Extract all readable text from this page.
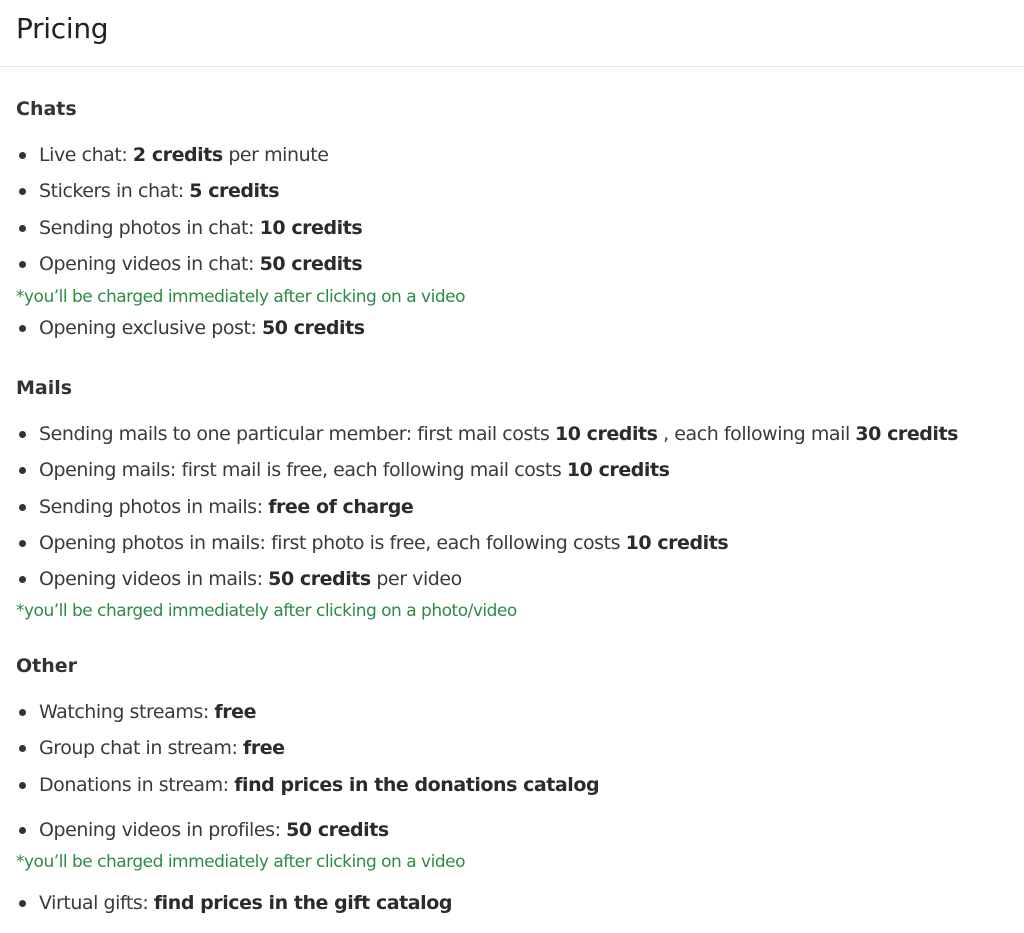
Pricing
Chats
Live chat: 2 credits per minute
Stickers in chat: 5 credits
Sending photos in chat: 10 credits
Opening videos in chat: 50 credits
*you’ll be charged immediately after clicking on a video
Opening exclusive post: 50 credits
Mails
Sending mails to one particular member: first mail costs 10 credits , each following mail 30 credits
Opening mails: first mail is free, each following mail costs 10 credits
Sending photos in mails: free of charge
Opening photos in mails: first photo is free, each following costs 10 credits
Opening videos in mails: 50 credits per video
*you’ll be charged immediately after clicking on a photo/video
Other
Watching streams: free
Group chat in stream: free
Donations in stream: find prices in the donations catalog
Opening videos in profiles: 50 credits
*you’ll be charged immediately after clicking on a video
Virtual gifts: find prices in the gift catalog
